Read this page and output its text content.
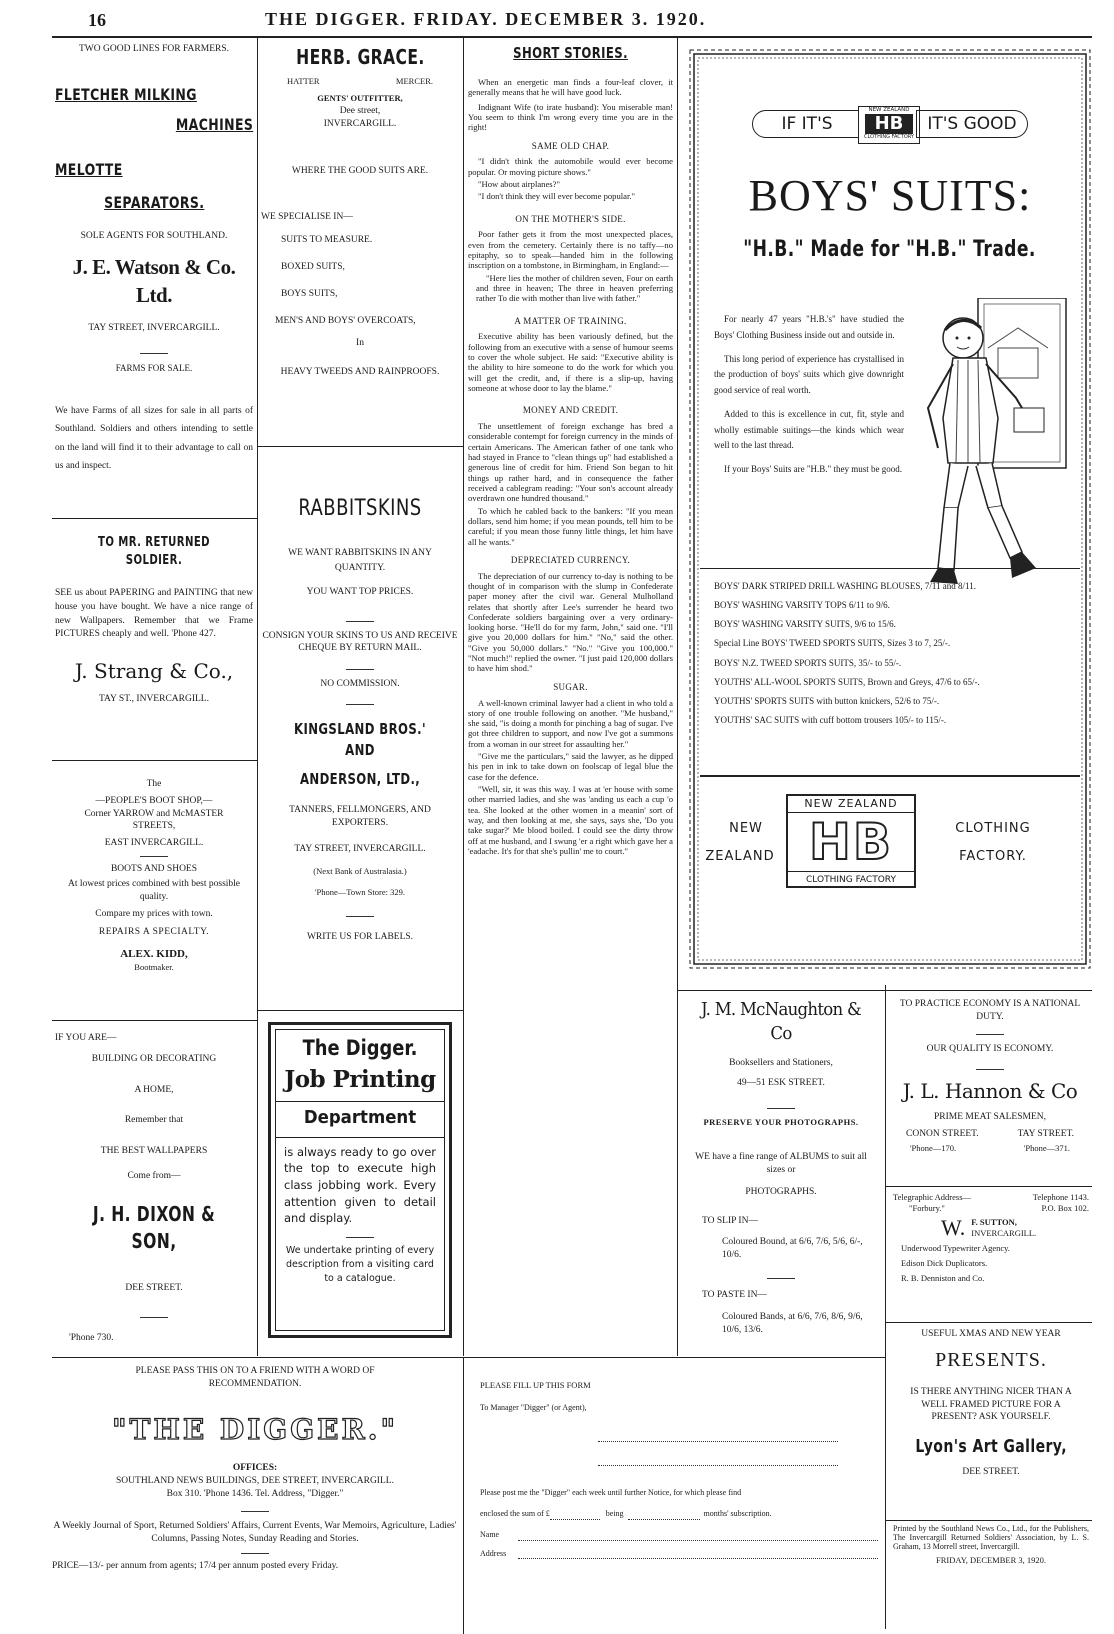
16	THE DIGGER. FRIDAY. DECEMBER 3. 1920.
TWO GOOD LINES FOR FARMERS.
FLETCHER MILKING
MACHINES
MELOTTE
SEPARATORS.
SOLE AGENTS FOR SOUTHLAND.
J. E. Watson & Co. Ltd.
TAY STREET, INVERCARGILL.
FARMS FOR SALE.
We have Farms of all sizes for sale in all parts of Southland. Soldiers and others intending to settle on the land will find it to their advantage to call on us and inspect.
TO MR. RETURNED SOLDIER.
SEE us about PAPERING and PAINTING that new house you have bought. We have a nice range of new Wallpapers. Remember that we Frame PICTURES cheaply and well. 'Phone 427.
J. Strang & Co.,
TAY ST., INVERCARGILL.
The
—PEOPLE'S BOOT SHOP,—
Corner YARROW and McMASTER STREETS,
EAST INVERCARGILL.
BOOTS AND SHOES
At lowest prices combined with best possible quality.
Compare my prices with town.
REPAIRS A SPECIALTY.
ALEX. KIDD,
Bootmaker.
IF YOU ARE—
BUILDING OR DECORATING
A HOME,
Remember that
THE BEST WALLPAPERS
Come from—
J. H. DIXON & SON,
DEE STREET.
'Phone 730.
HERB. GRACE.
HATTER	MERCER.
GENTS' OUTFITTER,
Dee street,
INVERCARGILL.
WHERE THE GOOD SUITS ARE.
WE SPECIALISE IN—
SUITS TO MEASURE.
BOXED SUITS,
BOYS SUITS,
MEN'S AND BOYS' OVERCOATS,
In
HEAVY TWEEDS AND RAINPROOFS.
RABBITSKINS
WE WANT RABBITSKINS IN ANY QUANTITY.
YOU WANT TOP PRICES.
CONSIGN YOUR SKINS TO US AND RECEIVE CHEQUE BY RETURN MAIL.
NO COMMISSION.
KINGSLAND BROS.' AND
ANDERSON, LTD.,
TANNERS, FELLMONGERS, AND EXPORTERS.
TAY STREET, INVERCARGILL.
(Next Bank of Australasia.)
'Phone—Town Store: 329.
WRITE US FOR LABELS.
The Digger.
Job Printing
Department
is always ready to go over the top to execute high class jobbing work. Every attention given to detail and display.
We undertake printing of every description from a visiting card to a catalogue.
SHORT STORIES.

When an energetic man finds a four-leaf clover, it generally means that he will have good luck.

Indignant Wife (to irate husband): You miserable man! You seem to think I'm wrong every time you are in the right!

SAME OLD CHAP.

"I didn't think the automobile would ever become popular. Or moving picture shows."

"How about airplanes?"

"I don't think they will ever become popular."

ON THE MOTHER'S SIDE.

Poor father gets it from the most unexpected places, even from the cemetery. Certainly there is no taffy—no epitaphy, so to speak—handed him in the following inscription on a tombstone, in Birmingham, in England:—

"Here lies the mother of children seven, Four on earth and three in heaven; The three in heaven preferring rather To die with mother than live with father."

A MATTER OF TRAINING.

Executive ability has been variously defined, but the following from an executive with a sense of humour seems to cover the whole subject. He said: "Executive ability is the ability to hire someone to do the work for which you will get the credit, and, if there is a slip-up, having someone at whose door to lay the blame."

MONEY AND CREDIT.

The unsettlement of foreign exchange has bred a considerable contempt for foreign currency in the minds of certain Americans. The American father of one tank who had stayed in France to "clean things up" had established a generous line of credit for him. Friend Son began to hit things up rather hard, and in consequence the father received a cablegram reading: "Your son's account already overdrawn one hundred thousand."

To which he cabled back to the bankers: "If you mean dollars, send him home; if you mean pounds, tell him to be careful; if you mean those funny little things, let him have all he wants."

DEPRECIATED CURRENCY.

The depreciation of our currency to-day is nothing to be thought of in comparison with the slump in Confederate paper money after the civil war. General Mulholland relates that shortly after Lee's surrender he heard two Confederate soldiers bargaining over a very ordinary-looking horse. "He'll do for my farm, John," said one. "I'll give you 20,000 dollars for him." "No," said the other. "Give you 50,000 dollars." "No." "Give you 100,000." "Not much!" replied the owner. "I just paid 120,000 dollars to have him shod."

SUGAR.

A well-known criminal lawyer had a client in who told a story of one trouble following on another. "Me husband," she said, "is doing a month for pinching a bag of sugar. I've got three children to support, and now I've got a summons from a woman in our street for assaulting her."

"Give me the particulars," said the lawyer, as he dipped his pen in ink to take down on foolscap of legal blue the case for the defence.

"Well, sir, it was this way. I was at 'er house with some other married ladies, and she was 'anding us each a cup 'o tea. She looked at the other women in a meanin' sort of way, and then looking at me, she says, says she, 'Do you take sugar?' Me blood boiled. I could see the dirty throw off at me husband, and I swung 'er a right which gave her a 'eadache. It's for that she's pullin' me to court."

IF IT'S
NEW ZEALAND
HB
CLOTHING FACTORY
IT'S GOOD
BOYS' SUITS:
"H.B." Made for "H.B." Trade.

For nearly 47 years "H.B.'s" have studied the Boys' Clothing Business inside out and outside in.

This long period of experience has crystallised in the production of boys' suits which give downright good service of real worth.

Added to this is excellence in cut, fit, style and wholly estimable suitings—the kinds which wear well to the last thread.

If your Boys' Suits are "H.B." they must be good.

BOYS' DARK STRIPED DRILL WASHING BLOUSES, 7/11 and 8/11.
BOYS' WASHING VARSITY TOPS 6/11 to 9/6.
BOYS' WASHING VARSITY SUITS, 9/6 to 15/6.
Special Line BOYS' TWEED SPORTS SUITS, Sizes 3 to 7, 25/-.
BOYS' N.Z. TWEED SPORTS SUITS, 35/- to 55/-.
YOUTHS' ALL-WOOL SPORTS SUITS, Brown and Greys, 47/6 to 65/-.
YOUTHS' SPORTS SUITS with button knickers, 52/6 to 75/-.
YOUTHS' SAC SUITS with cuff bottom trousers 105/- to 115/-.
NEW
ZEALAND
NEW ZEALAND
HB
CLOTHING FACTORY
CLOTHING
FACTORY.
J. M. McNaughton & Co
Booksellers and Stationers,
49—51 ESK STREET.
PRESERVE YOUR PHOTOGRAPHS.
WE have a fine range of ALBUMS to suit all sizes or
PHOTOGRAPHS.
TO SLIP IN—
Coloured Bound, at 6/6, 7/6, 5/6, 6/-, 10/6.
TO PASTE IN—
Coloured Bands, at 6/6, 7/6, 8/6, 9/6, 10/6, 13/6.
TO PRACTICE ECONOMY IS A NATIONAL DUTY.
OUR QUALITY IS ECONOMY.
J. L. Hannon & Co
PRIME MEAT SALESMEN,
CONON STREET.	TAY STREET.
'Phone—170.	'Phone—371.
Telegraphic Address—	Telephone 1143.
"Forbury."	P.O. Box 102.
W. F. SUTTON,
INVERCARGILL.
Underwood Typewriter Agency.
Edison Dick Duplicators.
R. B. Denniston and Co.
USEFUL XMAS AND NEW YEAR
PRESENTS.
IS THERE ANYTHING NICER THAN A WELL FRAMED PICTURE FOR A PRESENT? ASK YOURSELF.
Lyon's Art Gallery,
DEE STREET.
Printed by the Southland News Co., Ltd., for the Publishers, The Invercargill Returned Soldiers' Association, by L. S. Graham, 13 Morrell street, Invercargill.
FRIDAY, DECEMBER 3, 1920.
PLEASE PASS THIS ON TO A FRIEND WITH A WORD OF RECOMMENDATION.
"THE DIGGER."
OFFICES:
SOUTHLAND NEWS BUILDINGS, DEE STREET, INVERCARGILL.
Box 310. 'Phone 1436. Tel. Address, "Digger."
A Weekly Journal of Sport, Returned Soldiers' Affairs, Current Events, War Memoirs, Agriculture, Ladies' Columns, Passing Notes, Sunday Reading and Stories.
PRICE—13/- per annum from agents; 17/4 per annum posted every Friday.
PLEASE FILL UP THIS FORM
To Manager "Digger" (or Agent),
Please post me the "Digger" each week until further Notice, for which please find
enclosed the sum of £	being	months' subscription.
Name
Address
